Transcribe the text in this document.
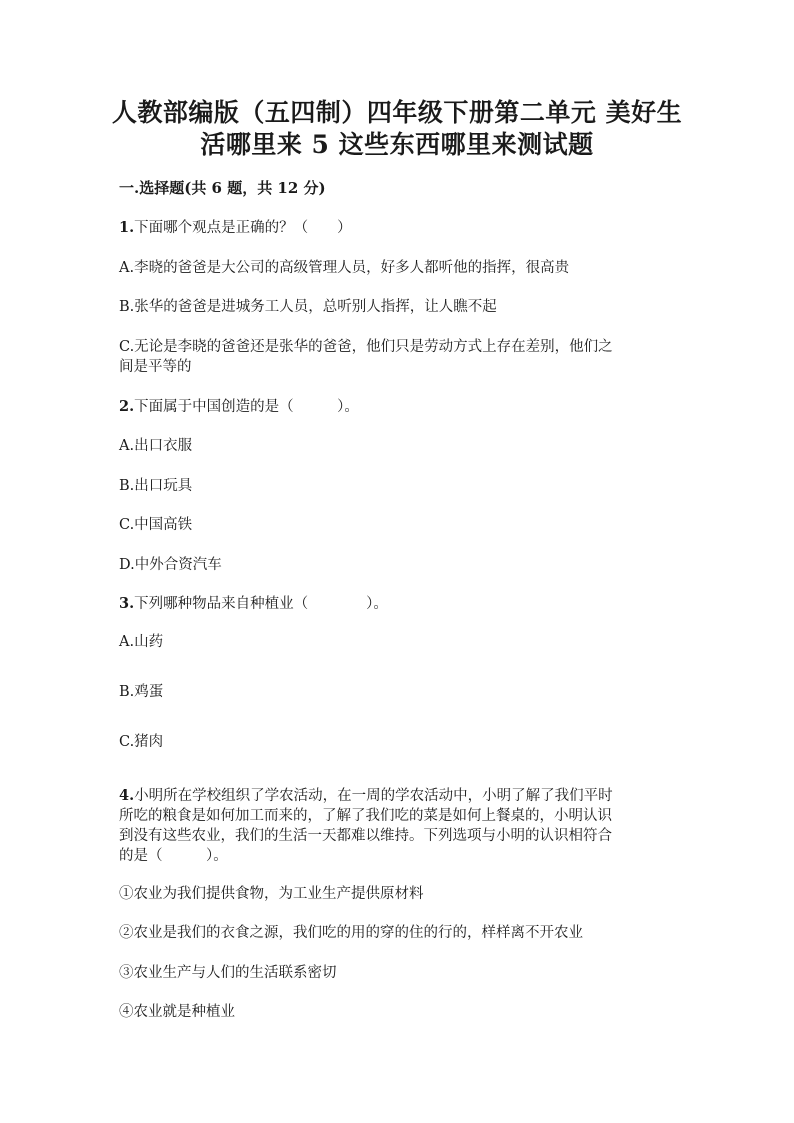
人教部编版（五四制）四年级下册第二单元 美好生
活哪里来 5 这些东西哪里来测试题
一.选择题(共 6 题，共 12 分)
1.下面哪个观点是正确的？（　　）
A.李晓的爸爸是大公司的高级管理人员，好多人都听他的指挥，很高贵
B.张华的爸爸是进城务工人员，总听别人指挥，让人瞧不起
C.无论是李晓的爸爸还是张华的爸爸，他们只是劳动方式上存在差别，他们之
间是平等的
2.下面属于中国创造的是（　　　）。
A.出口衣服
B.出口玩具
C.中国高铁
D.中外合资汽车
3.下列哪种物品来自种植业（　　　　）。
A.山药
B.鸡蛋
C.猪肉
4.小明所在学校组织了学农活动，在一周的学农活动中，小明了解了我们平时
所吃的粮食是如何加工而来的，了解了我们吃的菜是如何上餐桌的，小明认识
到没有这些农业，我们的生活一天都难以维持。下列选项与小明的认识相符合
的是（　　　）。
①农业为我们提供食物，为工业生产提供原材料
②农业是我们的衣食之源，我们吃的用的穿的住的行的，样样离不开农业
③农业生产与人们的生活联系密切
④农业就是种植业
